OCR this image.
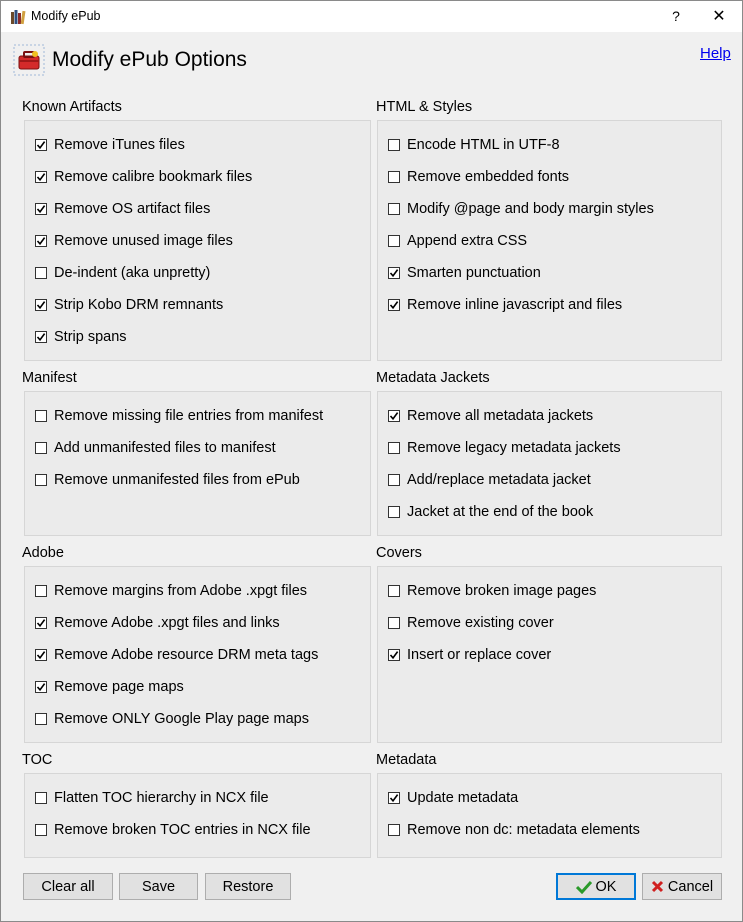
Modify ePub	?	✕
Modify ePub Options	Help
Known Artifacts
Remove iTunes files
Remove calibre bookmark files
Remove OS artifact files
Remove unused image files
De-indent (aka unpretty)
Strip Kobo DRM remnants
Strip spans
HTML & Styles
Encode HTML in UTF-8
Remove embedded fonts
Modify @page and body margin styles
Append extra CSS
Smarten punctuation
Remove inline javascript and files
Manifest
Remove missing file entries from manifest
Add unmanifested files to manifest
Remove unmanifested files from ePub
Metadata Jackets
Remove all metadata jackets
Remove legacy metadata jackets
Add/replace metadata jacket
Jacket at the end of the book
Adobe
Remove margins from Adobe .xpgt files
Remove Adobe .xpgt files and links
Remove Adobe resource DRM meta tags
Remove page maps
Remove ONLY Google Play page maps
Covers
Remove broken image pages
Remove existing cover
Insert or replace cover
TOC
Flatten TOC hierarchy in NCX file
Remove broken TOC entries in NCX file
Metadata
Update metadata
Remove non dc: metadata elements
Clear all	Save	Restore	OK	Cancel
